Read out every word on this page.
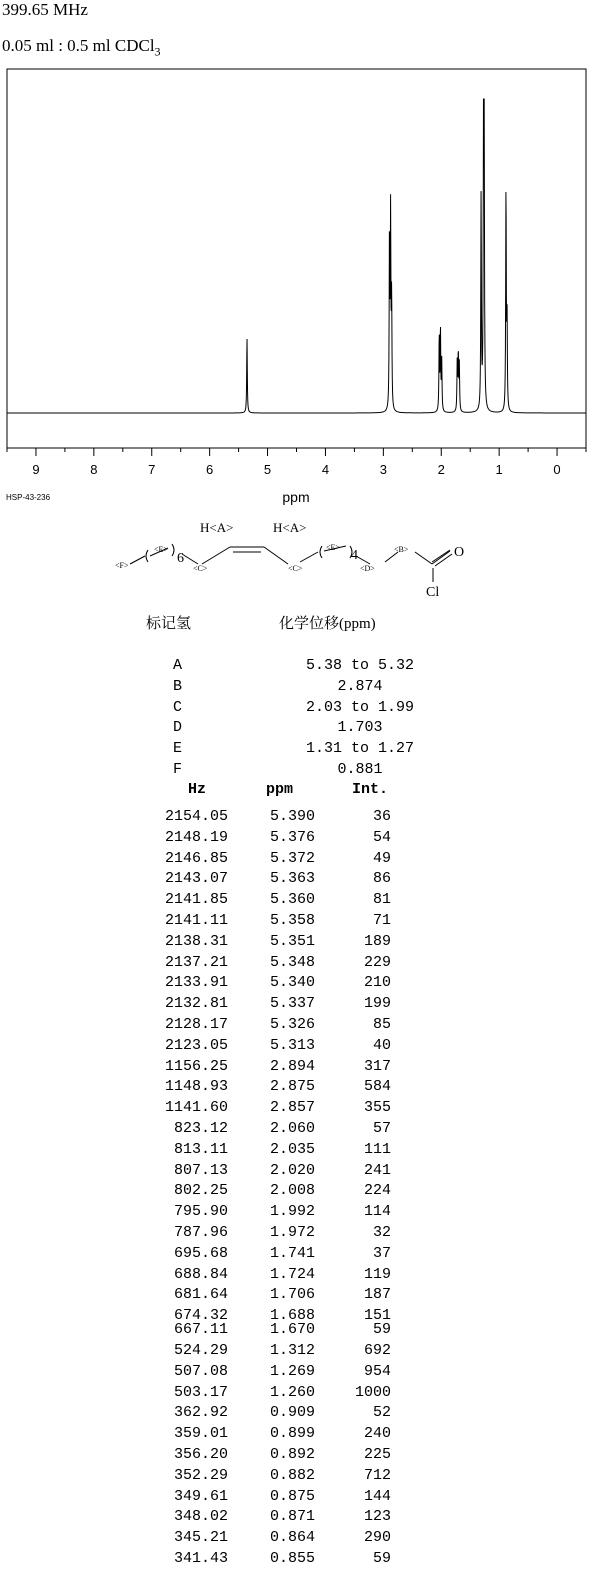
399.65 MHz
0.05 ml : 0.5 ml CDCl$_3$
9	8	7	6	5	4	3	2	1	0
ppm
HSP-43-236
<F>
<E>
6
<C>
H<A>	H<A>
<C>
<E>
4
<D>
<B>	O
Cl
标记氢	化学位移(ppm)
A	5.38 to 5.32
B	2.874
C	2.03 to 1.99
D	1.703
E	1.31 to 1.27
F	0.881
Hz	ppm	Int.
2154.05	5.390	36
2148.19	5.376	54
2146.85	5.372	49
2143.07	5.363	86
2141.85	5.360	81
2141.11	5.358	71
2138.31	5.351	189
2137.21	5.348	229
2133.91	5.340	210
2132.81	5.337	199
2128.17	5.326	85
2123.05	5.313	40
1156.25	2.894	317
1148.93	2.875	584
1141.60	2.857	355
823.12	2.060	57
813.11	2.035	111
807.13	2.020	241
802.25	2.008	224
795.90	1.992	114
787.96	1.972	32
695.68	1.741	37
688.84	1.724	119
681.64	1.706	187
674.32	1.688	151
667.11	1.670	59
524.29	1.312	692
507.08	1.269	954
503.17	1.260	1000
362.92	0.909	52
359.01	0.899	240
356.20	0.892	225
352.29	0.882	712
349.61	0.875	144
348.02	0.871	123
345.21	0.864	290
341.43	0.855	59
